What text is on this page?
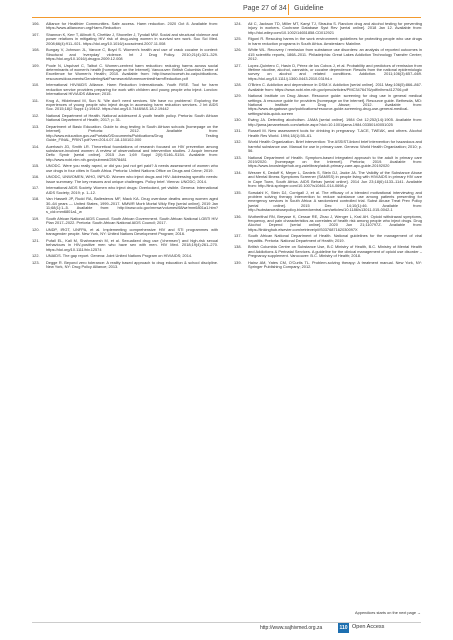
Page 27 of 34 Guideline
106.	Alliance for Healthier Communities. Safe access. Harm reduction. 2020 Oct 8. Available from: https://www.allianceon.org/Harm-Reduction
107.	Shannon K, Kerr T, Allinott S, Chettiar J, Shoveller J, Tyndall MW. Social and structural violence and power relations in mitigating HIV risk of drug-using women in survival sex work. Soc Sci Med. 2008;66(4):911–921. https://doi.org/10.1016/j.socscimed.2007.11.008
108.	Bungay V, Johnson JL, Varcoe C, Boyd S. Women's health and use of crack cocaine in context: Structural and 'everyday' violence. Int J Drug Policy. 2010;21(4):321–329. https://doi.org/10.1016/j.drugpo.2009.12.008
109.	Poole N, Urquhart C, Talbot C. Women-centred harm reduction: reducing harms across social determinants of women's health [homepage on the Internet]. Vancouver: British Columbia Centre of Excellence for Women's Health; 2010. Available from: http://www.bccewh.bc.ca/publications-resources/documents/GenderingNatFrameworkWomencentredHarmReduction.pdf
110.	International HIV/AIDS Alliance. Harm Reduction Internationals. Youth RISE. Tool for harm reduction service providers preparing for work with children and young people who inject. London: International HIV/AIDS Alliance; 2015.
111.	Krug A, Hildebrand M, Sun N. 'We don't need services. We have no problems': Exploring the experiences of young people who inject drugs in accessing harm reduction services. J Int AIDS Soc. 2015;18(2 Suppl 1):19442. https://doi.org/10.7448/IAS.18.2.19442
112.	National Department of Health. National adolescent & youth health policy. Pretoria: South African National Department of Health; 2017; p. 31.
113.	Department of Basic Education. Guide to drug testing in South African schools [homepage on the Internet]. Pretoria: 2012. Available from: http://www.education.gov.za/Portals/0/Documents/Publications/Drug Testing Guide_FINAL_PRINT.pdf?ver=2014-07-18-150102-000
114.	Auerbach JD, Smith LR. Theoretical foundations of research focused on HIV prevention among substance-involved women: A review of observational and intervention studies. J Acquir Immune Defic Syndr [serial online]. 2015 Jun 1;69 Suppl 2(0):S146–S154. Available from: http://www.ncbi.nlm.nih.gov/pubmed/25978481
115.	UNODC. Were you really raped, or did you just not get paid? A needs assessment of women who use drugs in four cities in South Africa. Pretoria: United Nations Office on Drugs and Crime; 2019.
116.	UNODC, UNWOMEN, WHO, INPUD. Women who inject drugs and HIV: Addressing specific needs: Issue summary: The key reasons and unique challenges. Policy brief. Vienna: UNODC; 2014.
117.	International AIDS Society. Women who inject drugs: Overlooked, yet visible. Geneva: International AIDS Society; 2019; p. 1–12.
118.	Van Hasselt JP, Rudd RA, Ballesteros MF, Mack KA. Drug overdose deaths among women aged 30–64 years — United States, 1999–2017. MMWR Morb Mortal Wkly Rep [serial online]. 2019 Jan 11;68(1):1–5. Available from: http://www.cdc.gov/mmwr/volumes/68/wr/mm6801a1.htm?s_cid=mm6801a1_w
119.	South African National AIDS Council. South African Government. South African National LGBTI HIV Plan 2017–2022. Pretoria: South African National AIDS Council; 2017.
120.	UNDP, IRGT, UNFPA, et al. Implementing comprehensive HIV and STI programmes with transgender people. New York, NY: United Nations Development Program; 2016.
121.	Pufall EL, Kall M, Shahmanesh M, et al. Sexualized drug use ('chemsex') and high-risk sexual behaviours in HIV-positive men who have sex with men. HIV Med. 2018;19(4):261–270. https://doi.org/10.1111/hiv.12574
122.	UNAIDS. The gap report. Geneva: Joint United Nations Program on HIV/AIDS; 2014.
123.	Degge R. Beyond zero tolerance: A reality based approach to drug education & school discipline. New York, NY: Drug Policy Alliance; 2013.
124.	Ali C, Jackson TD, Miller MT, Kanyi TJ, Strauba S. Random drug and alcohol testing for preventing injury in workers. Cochrane Database Syst Rev [serial online]. 2018 Jan 12. Available from: http://doi.wiley.com/10.1002/14651858.CD012921
125.	Rigoni R. Rescuing harms in the work environment: guidelines for protecting people who use drugs in harm reduction programs in South Africa. Amsterdam: Mainline.
126.	White WL. Recovery / remission from substance use disorders: an analysis of reported outcomes in 415 scientific reports, 1868–2011. Philadelphia: Great Lakes Addiction Technology Transfer Center; 2012.
127.	Lopez-Quintero C, Hasin D, Pérez de los Cobos J, et al. Probability and predictors of remission from lifetime nicotine, alcohol, cannabis, or cocaine dependence: Results from the national epidemiologic survey on alcohol and related conditions. Addiction. 2011;106(3):657–669. https://doi.org/10.1111/j.1360-0443.2010.03194.x
128.	O'Brien C. Addiction and dependence in DSM-V. Addiction [serial online]. 2011 May;106(5):866–867. Available from: https://www.ncbi.nlm.nih.gov/pmc/articles/PMC3476476/pdf/nihms412706.pdf
129.	National Institute on Drug Abuse. Resource guide: screening for drug use in general medical settings. A resource guide for providers [homepage on the internet]. Resource guide. Bethesda, MD: National Institute on Drug Abuse; 2012. Available from: https://www.drugabuse.gov/publications/resource-guide-screening-drug-use-general-medical-settings/nida-quick-screen
130.	Ewing JA. Detecting alcoholism. JAMA [serial online]. 1984 Oct 12;252(14):1905. Available from: http://jama.jamanetwork.com/article.aspx?doi=10.1001/jama.1984.03350140051025
131.	Russell M. New assessment tools for drinking in pregnancy: T-ACE, TWEAK, and others. Alcohol Health Res World. 1994;18(1):55–61.
132.	World Health Organization. Brief intervention: The ASSIST-linked brief intervention for hazardous and harmful substance use. Manual for use in primary care. Geneva: World Health Organization; 2010; p. 56.
133.	National Department of Health. Symptom-based integrated approach to the adult in primary care 2019/2020. [homepage on the Internet]. Pretoria; 2019. Available from: https://www.knowledgehub.org.za/elibrary/adult-primary-care-apc-guide-20192020
134.	Wesner K, Dedoff K, Meyer L, Daniels S, Stein DJ, Jacke JA. The Validity of the Substance Abuse and Mental Illness Symptoms Screener (SAMISS) in people living with HIV/AIDS in primary HIV care in Cape Town, South Africa. AIDS Behav [serial online]. 2014 Jun 23;18(6):1133–1141. Available from: http://link.springer.com/10.1007/s10461-014-0698-y
135.	Sorsdahl K, Stein DJ, Corrigall J, et al. The efficacy of a blended motivational interviewing and problem solving therapy intervention to reduce substance use among patients presenting for emergency services in South Africa: A randomized controlled trial. Subst Abuse Treat Prev Policy [serial online]. 2015 Dec 14;10(1):46. Available from: http://substanceabusepolicy.biomedcentral.com/articles/10.1186/s13011-015-0042-1
136.	Wutherithal RN, Breysse K, Cessar RE, Zhao J, Wenger L, Kral AH. Opioid withdrawal symptoms, frequency, and pain characteristics as correlates of health risk among people who inject drugs. Drug Alcohol Depend [serial online]. 2020 Jun 21;110797Z. Available from: https://linkinghub.elsevier.com/retrieve/pii/S037687162030097X
137.	South African National Department of Health. National guidelines for the management of viral hepatitis. Pretoria: National Department of Health; 2019.
138.	British Columbia Centre on Substance Use, B.C Ministry of Health, B.C. Ministry of Mental Health and Addictions & Perinatal Services. A guideline for the clinical management of opioid use disorder – Pregnancy supplement. Vancouver: B.C. Ministry of Health; 2018.
139.	Hainz AM, Yates CM, O'Curtis TL. Problem-solving therapy: A treatment manual. New York, NY: Springer Publishing Company; 2012.
Appendices starts on the next page →
http://www.sajhivmed.org.za	110 Open Access
